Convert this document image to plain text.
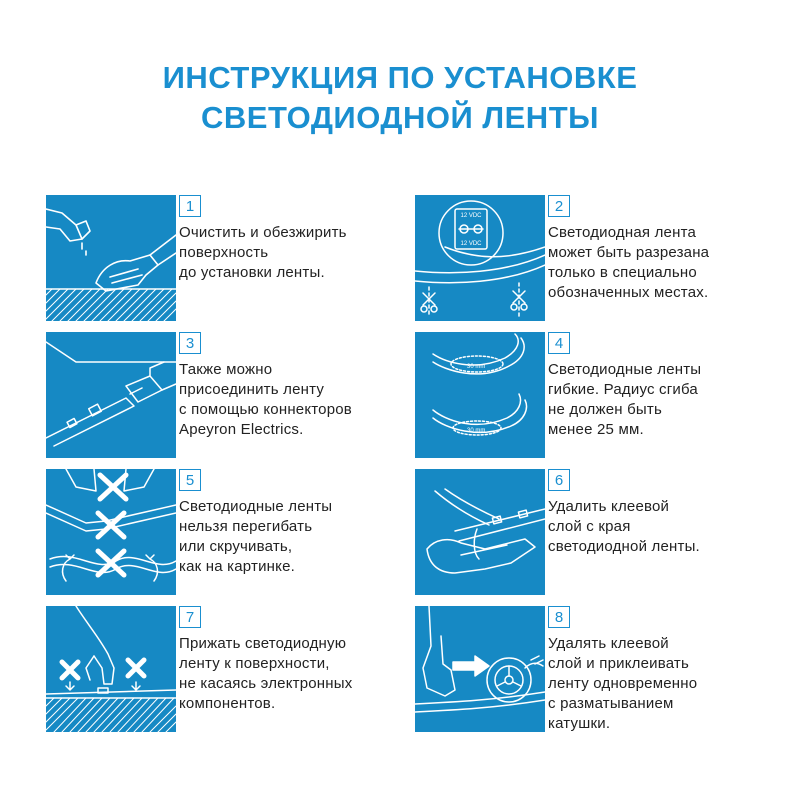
ИНСТРУКЦИЯ ПО УСТАНОВКЕ
СВЕТОДИОДНОЙ ЛЕНТЫ
1
Очистить и обезжирить
поверхность
до установки ленты.
12 VDC
12 VDC
2
Светодиодная лента
может быть разрезана
только в специально
обозначенных местах.
3
Также можно
присоединить ленту
с помощью коннекторов
Apeyron Electrics.
30 mm
30 mm
4
Светодиодные ленты
гибкие. Радиус сгиба
не должен быть
менее 25 мм.
5
Светодиодные ленты
нельзя перегибать
или скручивать,
как на картинке.
6
Удалить клеевой
слой с края
светодиодной ленты.
7
Прижать светодиодную
ленту к поверхности,
не касаясь электронных
компонентов.
8
Удалять клеевой
слой и приклеивать
ленту одновременно
с разматыванием
катушки.
